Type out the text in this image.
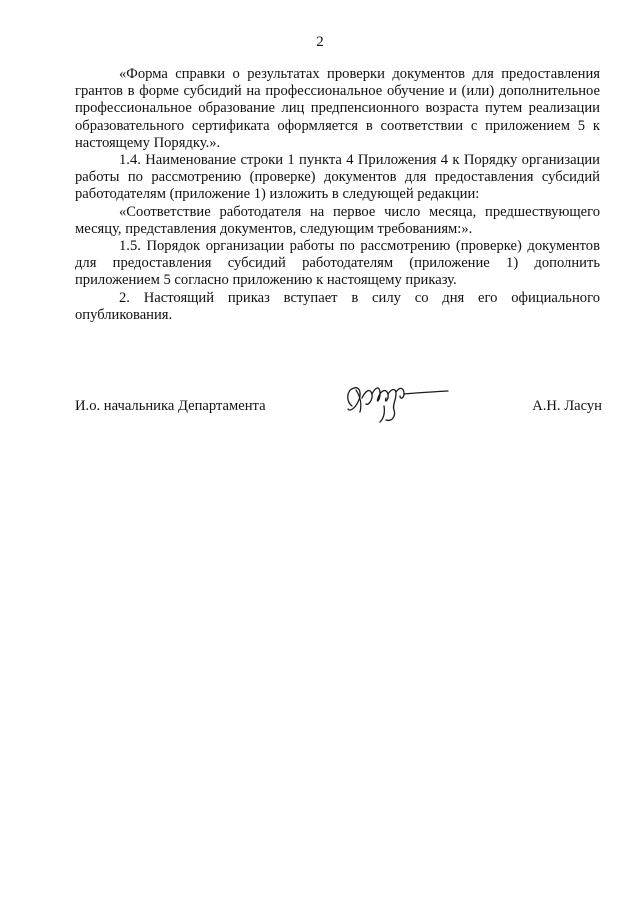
2

«Форма справки о результатах проверки документов для предоставления грантов в форме субсидий на профессиональное обучение и (или) дополнительное профессиональное образование лиц предпенсионного возраста путем реализации образовательного сертификата оформляется в соответствии с приложением 5 к настоящему Порядку.».

1.4. Наименование строки 1 пункта 4 Приложения 4 к Порядку организации работы по рассмотрению (проверке) документов для предоставления субсидий работодателям (приложение 1) изложить в следующей редакции:

«Соответствие работодателя на первое число месяца, предшествующего месяцу, представления документов, следующим требованиям:».

1.5. Порядок организации работы по рассмотрению (проверке) документов для предоставления субсидий работодателям (приложение 1) дополнить приложением 5 согласно приложению к настоящему приказу.

2. Настоящий приказ вступает в силу со дня его официального опубликования.

И.о. начальника Департамента	А.Н. Ласун
